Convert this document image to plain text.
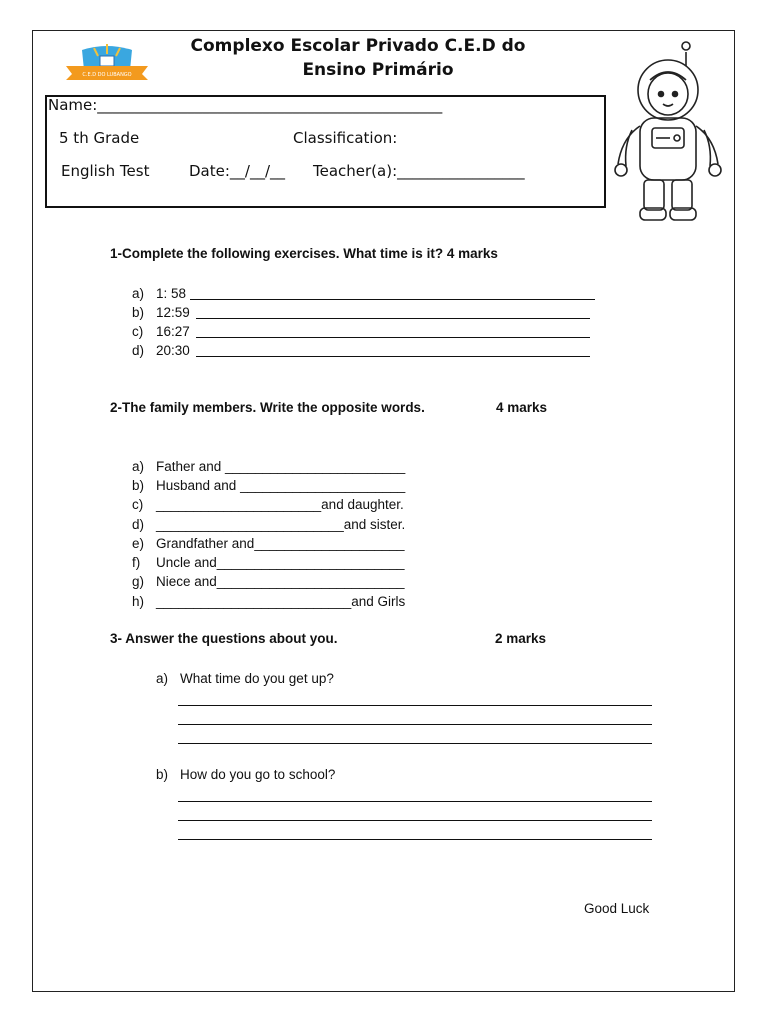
C.E.D DO LUBANGO
Complexo Escolar Privado C.E.D do
Ensino Primário
Name:______________________________________________
5 th Grade	Classification:
English Test	Date:__/__/__ Teacher(a):_________________
1-Complete the following exercises. What time is it? 4 marks
a) 1: 58
b) 12:59
c) 16:27
d) 20:30
2-The family members. Write the opposite words.	4 marks
a) Father and ________________________
b) Husband and ______________________
c) ______________________and daughter.
d) _________________________and sister.
e) Grandfather and____________________
f) Uncle and_________________________
g) Niece and_________________________
h) __________________________and Girls
3- Answer the questions about you.	2 marks
a) What time do you get up?
b) How do you go to school?
Good Luck
